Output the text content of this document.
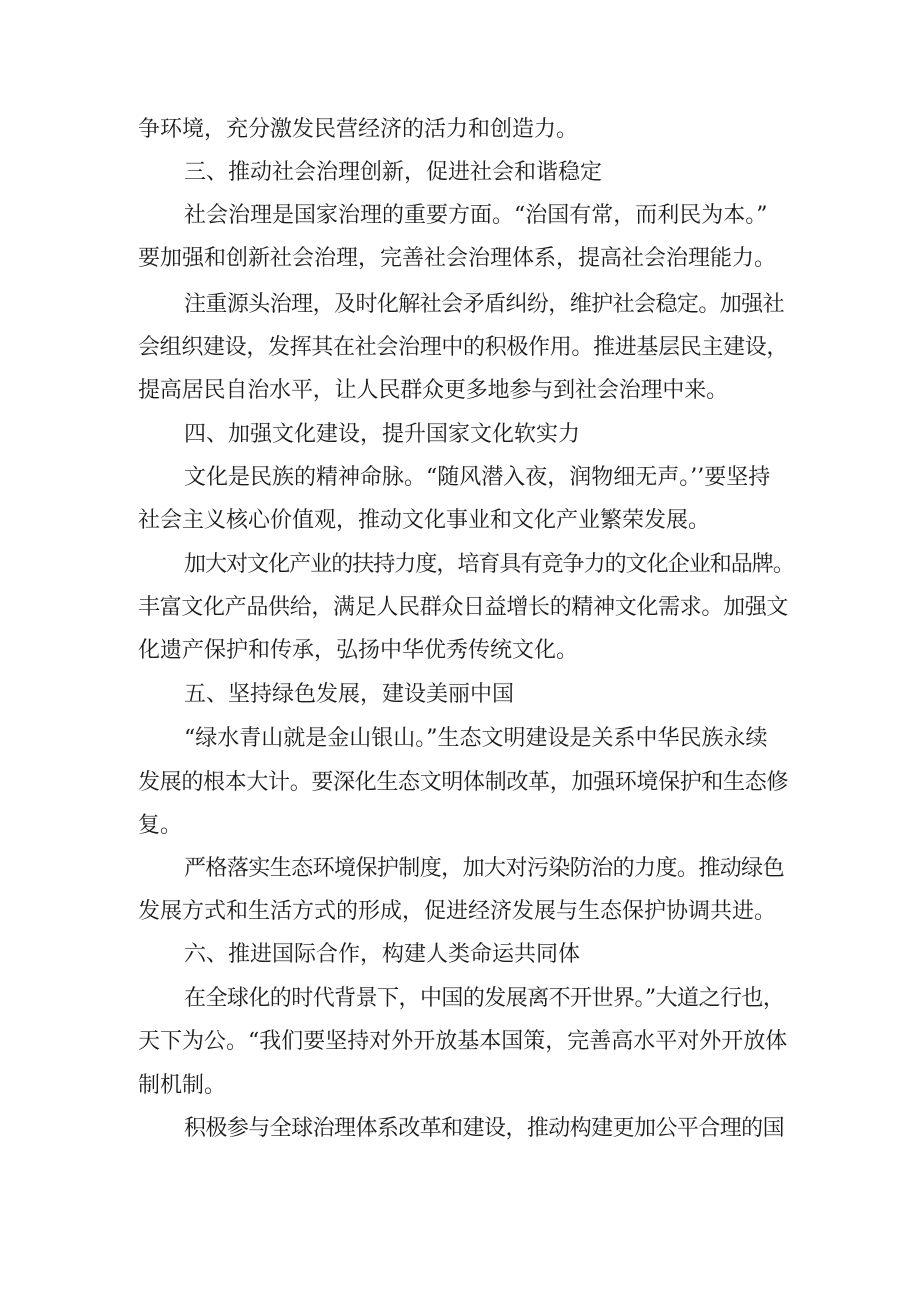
争环境，充分激发民营经济的活力和创造力。
三、推动社会治理创新，促进社会和谐稳定
社会治理是国家治理的重要方面。“治国有常，而利民为本。”
要加强和创新社会治理，完善社会治理体系，提高社会治理能力。
注重源头治理，及时化解社会矛盾纠纷，维护社会稳定。加强社
会组织建设，发挥其在社会治理中的积极作用。推进基层民主建设，
提高居民自治水平，让人民群众更多地参与到社会治理中来。
四、加强文化建设，提升国家文化软实力
文化是民族的精神命脉。“随风潜入夜，润物细无声。’’要坚持
社会主义核心价值观，推动文化事业和文化产业繁荣发展。
加大对文化产业的扶持力度，培育具有竞争力的文化企业和品牌。
丰富文化产品供给，满足人民群众日益增长的精神文化需求。加强文
化遗产保护和传承，弘扬中华优秀传统文化。
五、坚持绿色发展，建设美丽中国
“绿水青山就是金山银山。”生态文明建设是关系中华民族永续
发展的根本大计。要深化生态文明体制改革，加强环境保护和生态修
复。
严格落实生态环境保护制度，加大对污染防治的力度。推动绿色
发展方式和生活方式的形成，促进经济发展与生态保护协调共进。
六、推进国际合作，构建人类命运共同体
在全球化的时代背景下，中国的发展离不开世界。”大道之行也，
天下为公。“我们要坚持对外开放基本国策，完善高水平对外开放体
制机制。
积极参与全球治理体系改革和建设，推动构建更加公平合理的国
